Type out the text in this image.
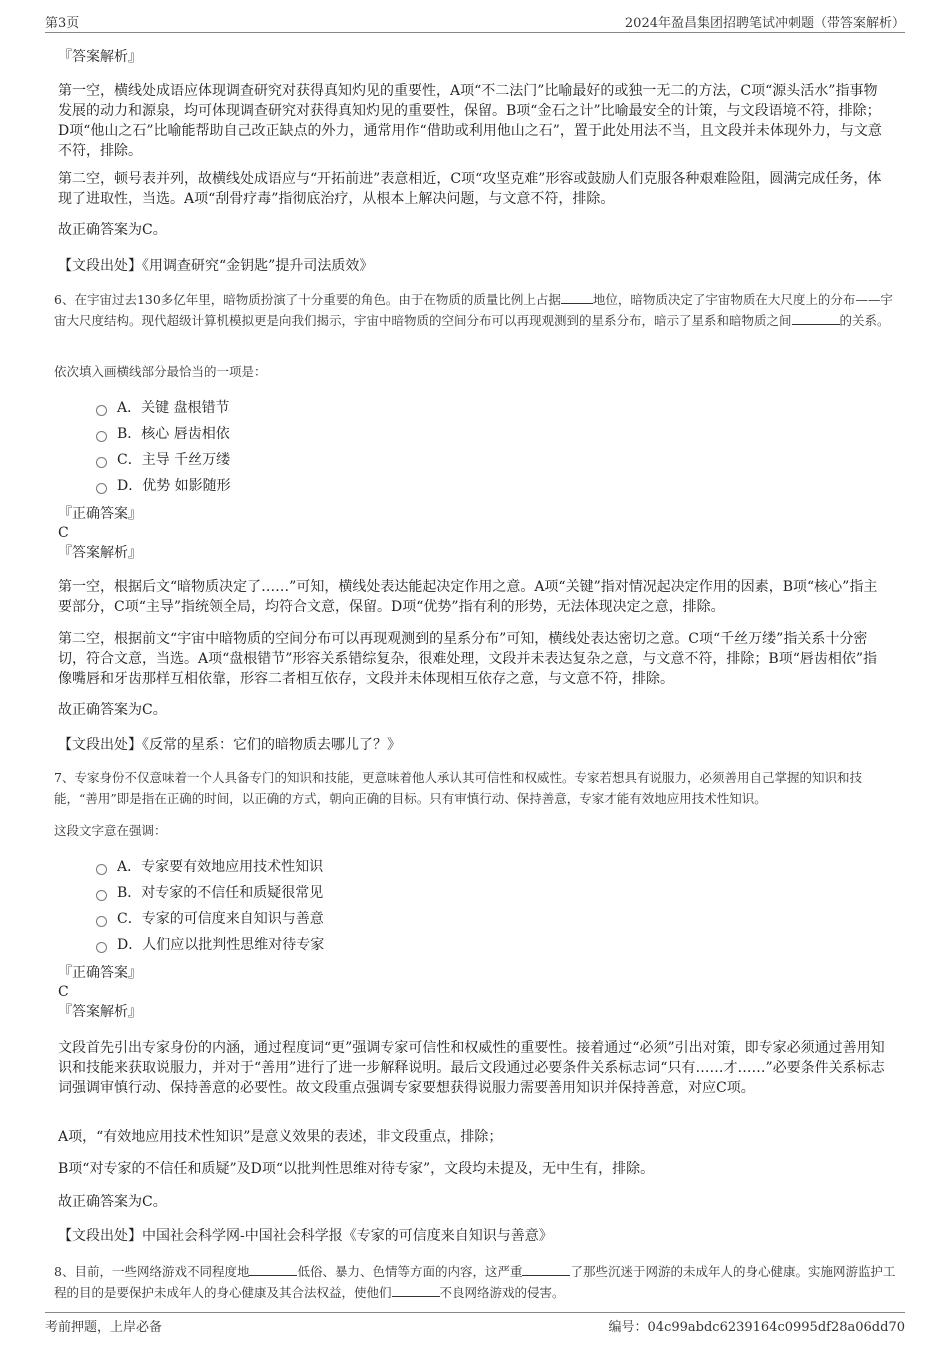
第3页	2024年盈昌集团招聘笔试冲刺题（带答案解析）
『答案解析』
第一空，横线处成语应体现调查研究对获得真知灼见的重要性，A项“不二法门”比喻最好的或独一无二的方法，C项“源头活水”指事物发展的动力和源泉，均可体现调查研究对获得真知灼见的重要性，保留。B项“金石之计”比喻最安全的计策，与文段语境不符，排除；D项“他山之石”比喻能帮助自己改正缺点的外力，通常用作“借助或利用他山之石”，置于此处用法不当，且文段并未体现外力，与文意不符，排除。
第二空，顿号表并列，故横线处成语应与“开拓前进”表意相近，C项“攻坚克难”形容或鼓励人们克服各种艰难险阻，圆满完成任务，体现了进取性，当选。A项“刮骨疗毒”指彻底治疗，从根本上解决问题，与文意不符，排除。
故正确答案为C。
【文段出处】《用调查研究“金钥匙”提升司法质效》
6、在宇宙过去130多亿年里，暗物质扮演了十分重要的角色。由于在物质的质量比例上占据	地位，暗物质决定了宇宙物质在大尺度上的分布——宇宙大尺度结构。现代超级计算机模拟更是向我们揭示，宇宙中暗物质的空间分布可以再现观测到的星系分布，暗示了星系和暗物质之间	的关系。
依次填入画横线部分最恰当的一项是：
A．关键 盘根错节
B．核心 唇齿相依
C．主导 千丝万缕
D．优势 如影随形
『正确答案』
C
『答案解析』
第一空，根据后文“暗物质决定了……”可知，横线处表达能起决定作用之意。A项“关键”指对情况起决定作用的因素，B项“核心”指主要部分，C项“主导”指统领全局，均符合文意，保留。D项“优势”指有利的形势，无法体现决定之意，排除。
第二空，根据前文“宇宙中暗物质的空间分布可以再现观测到的星系分布”可知，横线处表达密切之意。C项“千丝万缕”指关系十分密切，符合文意，当选。A项“盘根错节”形容关系错综复杂，很难处理，文段并未表达复杂之意，与文意不符，排除；B项“唇齿相依”指像嘴唇和牙齿那样互相依靠，形容二者相互依存，文段并未体现相互依存之意，与文意不符，排除。
故正确答案为C。
【文段出处】《反常的星系：它们的暗物质去哪儿了？》
7、专家身份不仅意味着一个人具备专门的知识和技能，更意味着他人承认其可信性和权威性。专家若想具有说服力，必须善用自己掌握的知识和技能，“善用”即是指在正确的时间，以正确的方式，朝向正确的目标。只有审慎行动、保持善意，专家才能有效地应用技术性知识。
这段文字意在强调：
A．专家要有效地应用技术性知识
B．对专家的不信任和质疑很常见
C．专家的可信度来自知识与善意
D．人们应以批判性思维对待专家
『正确答案』
C
『答案解析』
文段首先引出专家身份的内涵，通过程度词“更”强调专家可信性和权威性的重要性。接着通过“必须”引出对策，即专家必须通过善用知识和技能来获取说服力，并对于“善用”进行了进一步解释说明。最后文段通过必要条件关系标志词“只有……才……”必要条件关系标志词强调审慎行动、保持善意的必要性。故文段重点强调专家要想获得说服力需要善用知识并保持善意，对应C项。
A项，“有效地应用技术性知识”是意义效果的表述，非文段重点，排除；
B项“对专家的不信任和质疑”及D项“以批判性思维对待专家”，文段均未提及，无中生有，排除。
故正确答案为C。
【文段出处】中国社会科学网-中国社会科学报《专家的可信度来自知识与善意》
8、目前，一些网络游戏不同程度地	低俗、暴力、色情等方面的内容，这严重	了那些沉迷于网游的未成年人的身心健康。实施网游监护工程的目的是要保护未成年人的身心健康及其合法权益，使他们	不良网络游戏的侵害。
考前押题，上岸必备	编号：04c99abdc6239164c0995df28a06dd70
